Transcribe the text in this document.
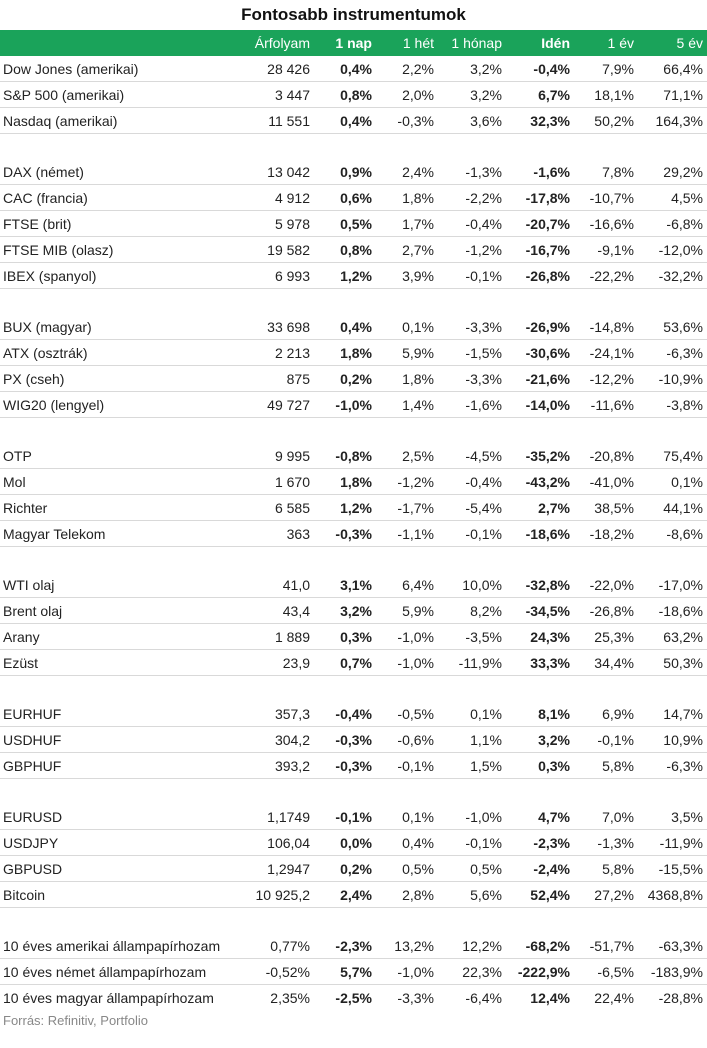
Fontosabb instrumentumok
	Árfolyam	1 nap	1 hét	1 hónap	Idén	1 év	5 év
Dow Jones (amerikai)	28 426	0,4%	2,2%	3,2%	-0,4%	7,9%	66,4%
S&P 500 (amerikai)	3 447	0,8%	2,0%	3,2%	6,7%	18,1%	71,1%
Nasdaq (amerikai)	11 551	0,4%	-0,3%	3,6%	32,3%	50,2%	164,3%

DAX (német)	13 042	0,9%	2,4%	-1,3%	-1,6%	7,8%	29,2%
CAC (francia)	4 912	0,6%	1,8%	-2,2%	-17,8%	-10,7%	4,5%
FTSE (brit)	5 978	0,5%	1,7%	-0,4%	-20,7%	-16,6%	-6,8%
FTSE MIB (olasz)	19 582	0,8%	2,7%	-1,2%	-16,7%	-9,1%	-12,0%
IBEX (spanyol)	6 993	1,2%	3,9%	-0,1%	-26,8%	-22,2%	-32,2%

BUX (magyar)	33 698	0,4%	0,1%	-3,3%	-26,9%	-14,8%	53,6%
ATX (osztrák)	2 213	1,8%	5,9%	-1,5%	-30,6%	-24,1%	-6,3%
PX (cseh)	875	0,2%	1,8%	-3,3%	-21,6%	-12,2%	-10,9%
WIG20 (lengyel)	49 727	-1,0%	1,4%	-1,6%	-14,0%	-11,6%	-3,8%

OTP	9 995	-0,8%	2,5%	-4,5%	-35,2%	-20,8%	75,4%
Mol	1 670	1,8%	-1,2%	-0,4%	-43,2%	-41,0%	0,1%
Richter	6 585	1,2%	-1,7%	-5,4%	2,7%	38,5%	44,1%
Magyar Telekom	363	-0,3%	-1,1%	-0,1%	-18,6%	-18,2%	-8,6%

WTI olaj	41,0	3,1%	6,4%	10,0%	-32,8%	-22,0%	-17,0%
Brent olaj	43,4	3,2%	5,9%	8,2%	-34,5%	-26,8%	-18,6%
Arany	1 889	0,3%	-1,0%	-3,5%	24,3%	25,3%	63,2%
Ezüst	23,9	0,7%	-1,0%	-11,9%	33,3%	34,4%	50,3%

EURHUF	357,3	-0,4%	-0,5%	0,1%	8,1%	6,9%	14,7%
USDHUF	304,2	-0,3%	-0,6%	1,1%	3,2%	-0,1%	10,9%
GBPHUF	393,2	-0,3%	-0,1%	1,5%	0,3%	5,8%	-6,3%

EURUSD	1,1749	-0,1%	0,1%	-1,0%	4,7%	7,0%	3,5%
USDJPY	106,04	0,0%	0,4%	-0,1%	-2,3%	-1,3%	-11,9%
GBPUSD	1,2947	0,2%	0,5%	0,5%	-2,4%	5,8%	-15,5%
Bitcoin	10 925,2	2,4%	2,8%	5,6%	52,4%	27,2%	4368,8%

10 éves amerikai állampapírhozam	0,77%	-2,3%	13,2%	12,2%	-68,2%	-51,7%	-63,3%
10 éves német állampapírhozam	-0,52%	5,7%	-1,0%	22,3%	-222,9%	-6,5%	-183,9%
10 éves magyar állampapírhozam	2,35%	-2,5%	-3,3%	-6,4%	12,4%	22,4%	-28,8%
Forrás: Refinitiv, Portfolio
